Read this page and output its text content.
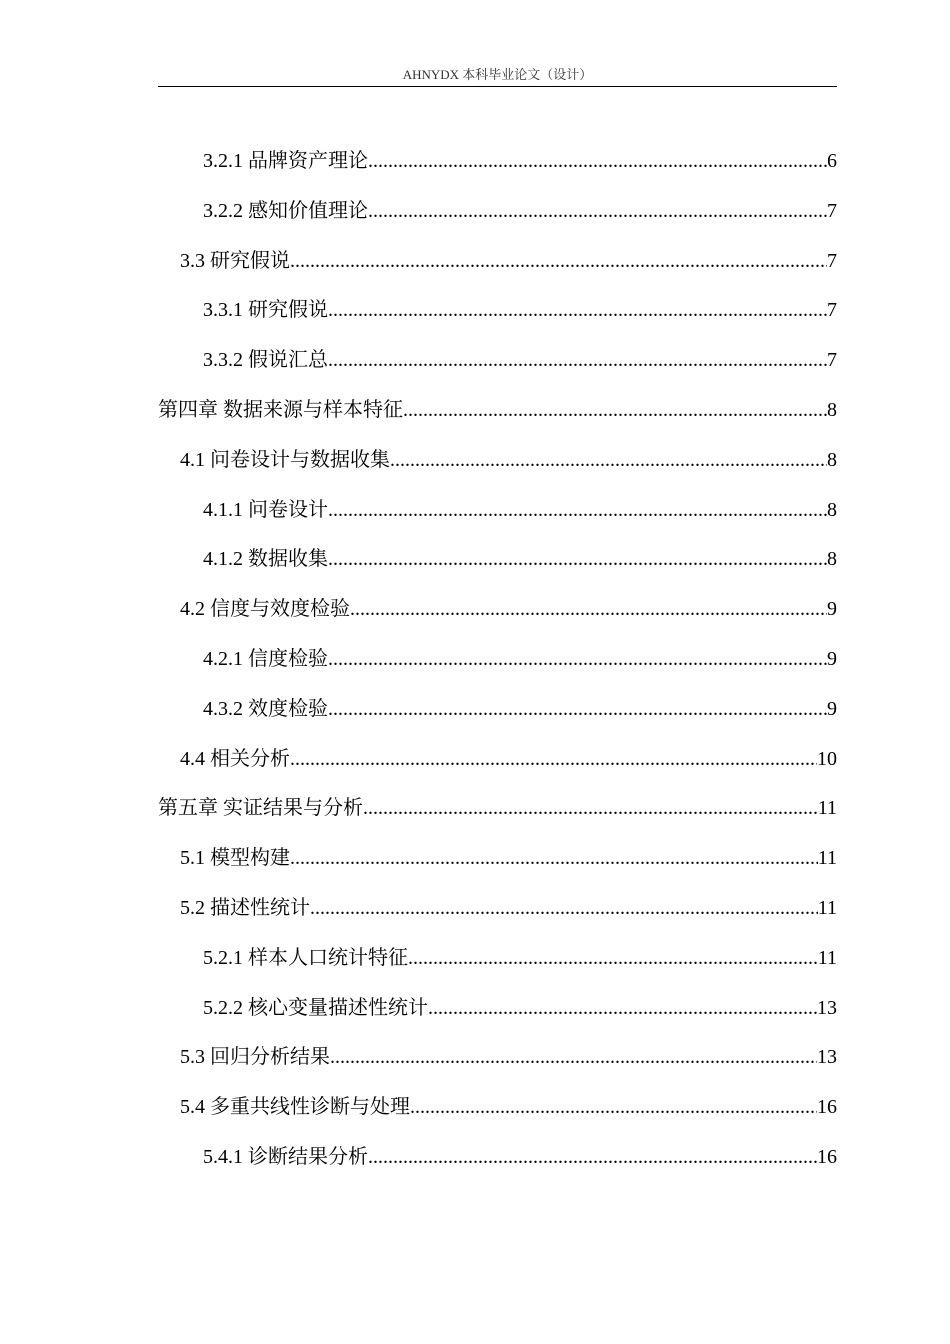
AHNYDX 本科毕业论文（设计）
3.2.1 品牌资产理论 .....	6
3.2.2 感知价值理论 .....	7
3.3 研究假说 .....	7
3.3.1 研究假说 .....	7
3.3.2 假说汇总 .....	7
第四章 数据来源与样本特征 .....	8
4.1 问卷设计与数据收集 .....	8
4.1.1 问卷设计 .....	8
4.1.2 数据收集 .....	8
4.2 信度与效度检验 .....	9
4.2.1 信度检验 .....	9
4.3.2 效度检验 .....	9
4.4 相关分析 .....	10
第五章 实证结果与分析 .....	11
5.1 模型构建 .....	11
5.2 描述性统计 .....	11
5.2.1 样本人口统计特征 .....	11
5.2.2 核心变量描述性统计 .....	13
5.3 回归分析结果 .....	13
5.4 多重共线性诊断与处理 .....	16
5.4.1 诊断结果分析 .....	16
